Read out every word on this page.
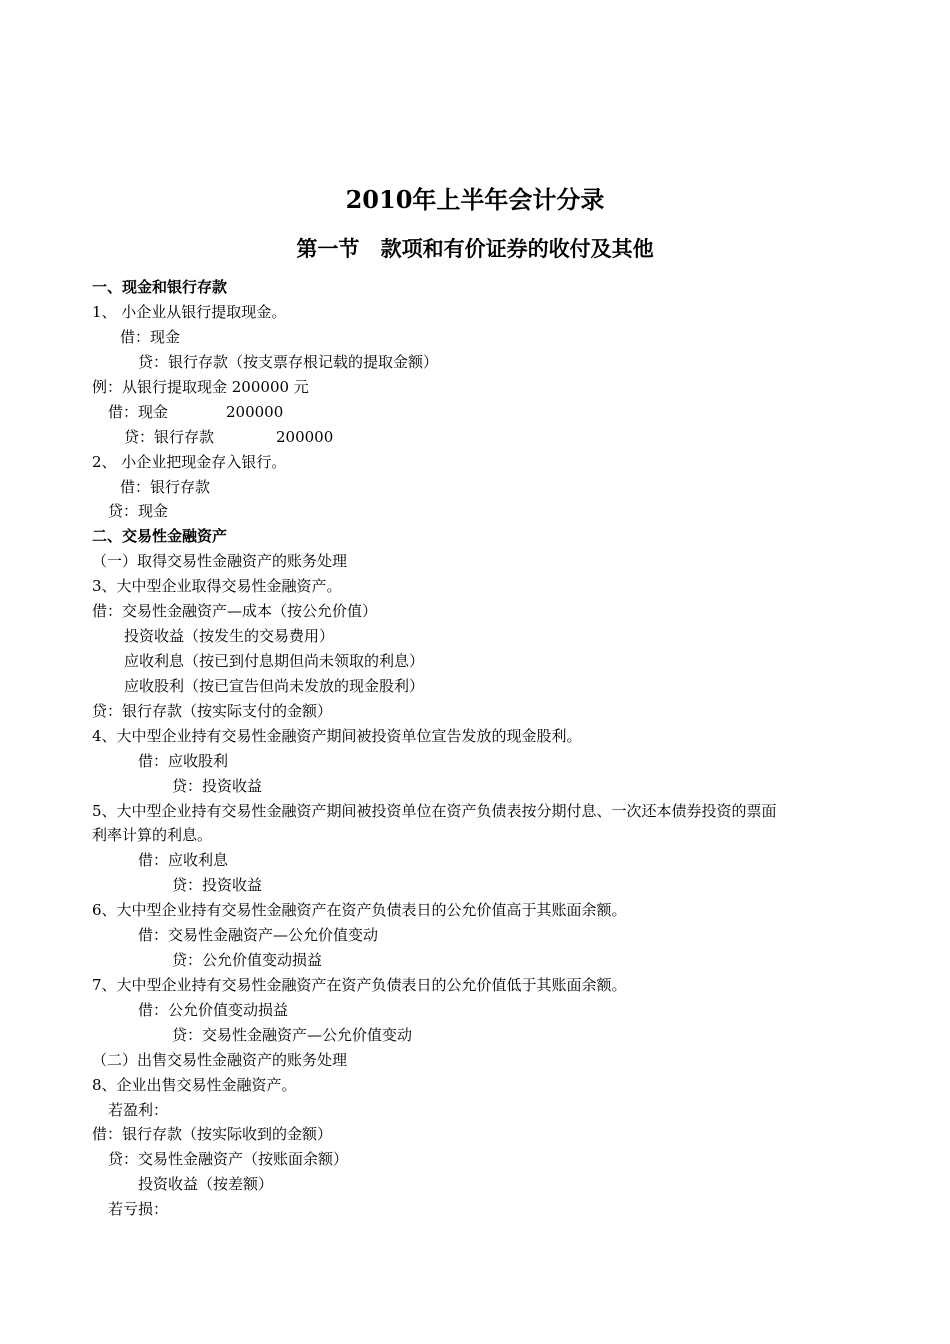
2010年上半年会计分录
第一节 款项和有价证券的收付及其他
一、现金和银行存款
1、 小企业从银行提取现金。
借：现金
贷：银行存款（按支票存根记载的提取金额）
例：从银行提取现金 200000 元
借：现金	200000
贷：银行存款	200000
2、 小企业把现金存入银行。
借：银行存款
贷：现金
二、交易性金融资产
（一）取得交易性金融资产的账务处理
3、大中型企业取得交易性金融资产。
借：交易性金融资产—成本（按公允价值）
投资收益（按发生的交易费用）
应收利息（按已到付息期但尚未领取的利息）
应收股利（按已宣告但尚未发放的现金股利）
贷：银行存款（按实际支付的金额）
4、大中型企业持有交易性金融资产期间被投资单位宣告发放的现金股利。
借：应收股利
贷：投资收益
5、大中型企业持有交易性金融资产期间被投资单位在资产负债表按分期付息、一次还本债券投资的票面
利率计算的利息。
借：应收利息
贷：投资收益
6、大中型企业持有交易性金融资产在资产负债表日的公允价值高于其账面余额。
借：交易性金融资产—公允价值变动
贷：公允价值变动损益
7、大中型企业持有交易性金融资产在资产负债表日的公允价值低于其账面余额。
借：公允价值变动损益
贷：交易性金融资产—公允价值变动
（二）出售交易性金融资产的账务处理
8、企业出售交易性金融资产。
若盈利：
借：银行存款（按实际收到的金额）
贷：交易性金融资产（按账面余额）
投资收益（按差额）
若亏损：
